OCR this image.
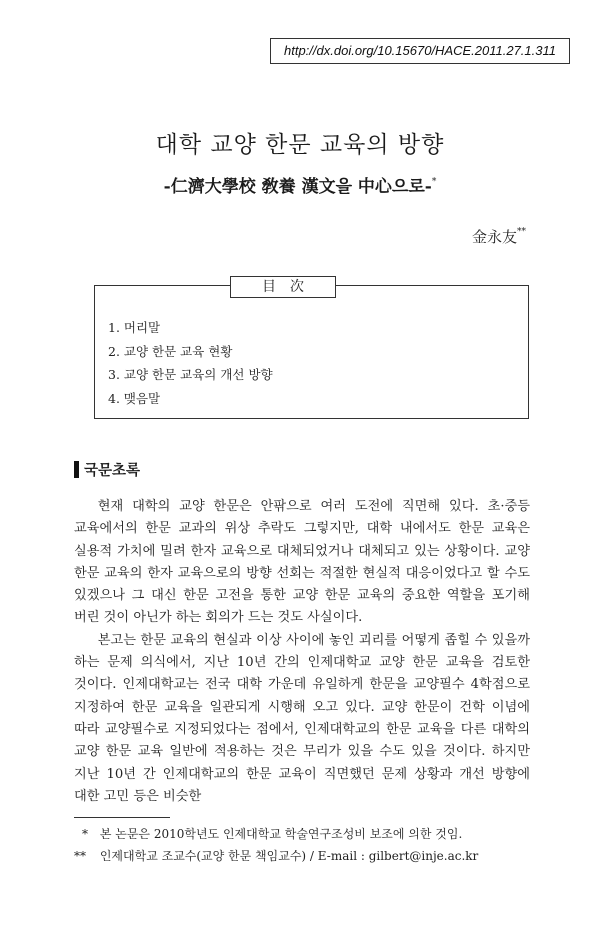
http://dx.doi.org/10.15670/HACE.2011.27.1.311
대학 교양 한문 교육의 방향
-仁濟大學校 敎養 漢文을 中心으로-*
金永友**
目次
1. 머리말
2. 교양 한문 교육 현황
3. 교양 한문 교육의 개선 방향
4. 맺음말
국문초록

현재 대학의 교양 한문은 안팎으로 여러 도전에 직면해 있다. 초·중등 교육에서의 한문 교과의 위상 추락도 그렇지만, 대학 내에서도 한문 교육은 실용적 가치에 밀려 한자 교육으로 대체되었거나 대체되고 있는 상황이다. 교양 한문 교육의 한자 교육으로의 방향 선회는 적절한 현실적 대응이었다고 할 수도 있겠으나 그 대신 한문 고전을 통한 교양 한문 교육의 중요한 역할을 포기해 버린 것이 아닌가 하는 회의가 드는 것도 사실이다.

본고는 한문 교육의 현실과 이상 사이에 놓인 괴리를 어떻게 좁힐 수 있을까 하는 문제 의식에서, 지난 10년 간의 인제대학교 교양 한문 교육을 검토한 것이다. 인제대학교는 전국 대학 가운데 유일하게 한문을 교양필수 4학점으로 지정하여 한문 교육을 일관되게 시행해 오고 있다. 교양 한문이 건학 이념에 따라 교양필수로 지정되었다는 점에서, 인제대학교의 한문 교육을 다른 대학의 교양 한문 교육 일반에 적용하는 것은 무리가 있을 수도 있을 것이다. 하지만 지난 10년 간 인제대학교의 한문 교육이 직면했던 문제 상황과 개선 방향에 대한 고민 등은 비슷한

* 본 논문은 2010학년도 인제대학교 학술연구조성비 보조에 의한 것임.
** 인제대학교 조교수(교양 한문 책임교수) / E-mail : gilbert@inje.ac.kr
